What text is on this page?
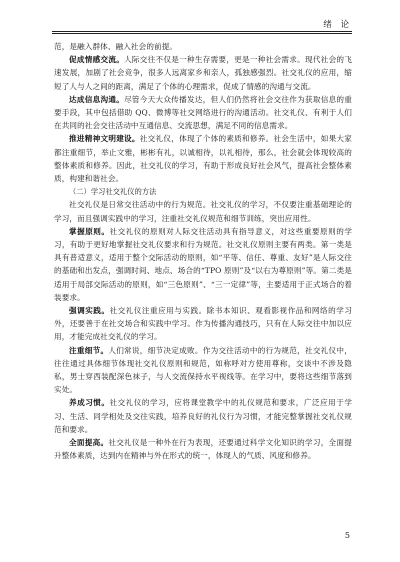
绪 论

范，是融入群体、融入社会的前提。

促成情感交流。人际交往不仅是一种生存需要，更是一种社会需求。现代社会的飞速发展，加剧了社会竞争，很多人远离家乡和亲人，孤独感强烈。社交礼仪的应用，缩短了人与人之间的距离，满足了个体的心理需求，促成了情感的沟通与交流。

达成信息沟通。尽管今天大众传播发达，但人们仍然将社会交往作为获取信息的重要手段，其中包括借助 QQ、微博等社交网络进行的沟通活动。社交礼仪、有利于人们在共同的社会交往活动中互通信息、交流思想，满足不同的信息需求。

推进精神文明建设。社交礼仪，体现了个体的素质和修养。社会生活中，如果大家都注重细节，举止文雅，彬彬有礼，以诚相待，以礼相待，那么，社会就会体现较高的整体素质和修养。因此，社交礼仪的学习，有助于形成良好社会风气，提高社会整体素质，构建和谐社会。

（二）学习社交礼仪的方法

社交礼仪是日常交往活动中的行为规范。社交礼仪的学习，不仅要注重基础理论的学习，而且强调实践中的学习，注重社交礼仪规范和细节训练，突出应用性。

掌握原则。社交礼仪的原则对人际交往活动具有指导意义，对这些重要原则的学习，有助于更好地掌握社交礼仪要求和行为规范。社交礼仪原则主要有两类。第一类是具有普适意义，适用于整个交际活动的原则，如“平等、信任、尊重、友好”是人际交往的基础和出发点，强调时间、地点、场合的“TPO 原则”及“以右为尊原则”等。第二类是适用于局部交际活动的原则，如“三色原则”、“三一定律”等，主要适用于正式场合的着装要求。

强调实践。社交礼仪注重应用与实践。除书本知识、观看影视作品和网络的学习外，还要善于在社交场合和实践中学习。作为传播沟通技巧，只有在人际交往中加以应用，才能完成社交礼仪的学习。

注重细节。人们常说，细节决定成败。作为交往活动中的行为规范，社交礼仪中，往往通过具体细节体现社交礼仪原则和规范，如称呼对方使用尊称，交谈中不涉及隐私，男士穿西装配深色袜子，与人交流保持水平视线等。在学习中，要将这些细节落到实处。

养成习惯。社交礼仪的学习，应将课堂教学中的礼仪规范和要求，广泛应用于学习、生活、同学相处及交往实践，培养良好的礼仪行为习惯，才能完整掌握社交礼仪规范和要求。

全面提高。社交礼仪是一种外在行为表现，还要通过科学文化知识的学习，全面提升整体素质，达到内在精神与外在形式的统一，体现人的气质、风度和修养。

5
